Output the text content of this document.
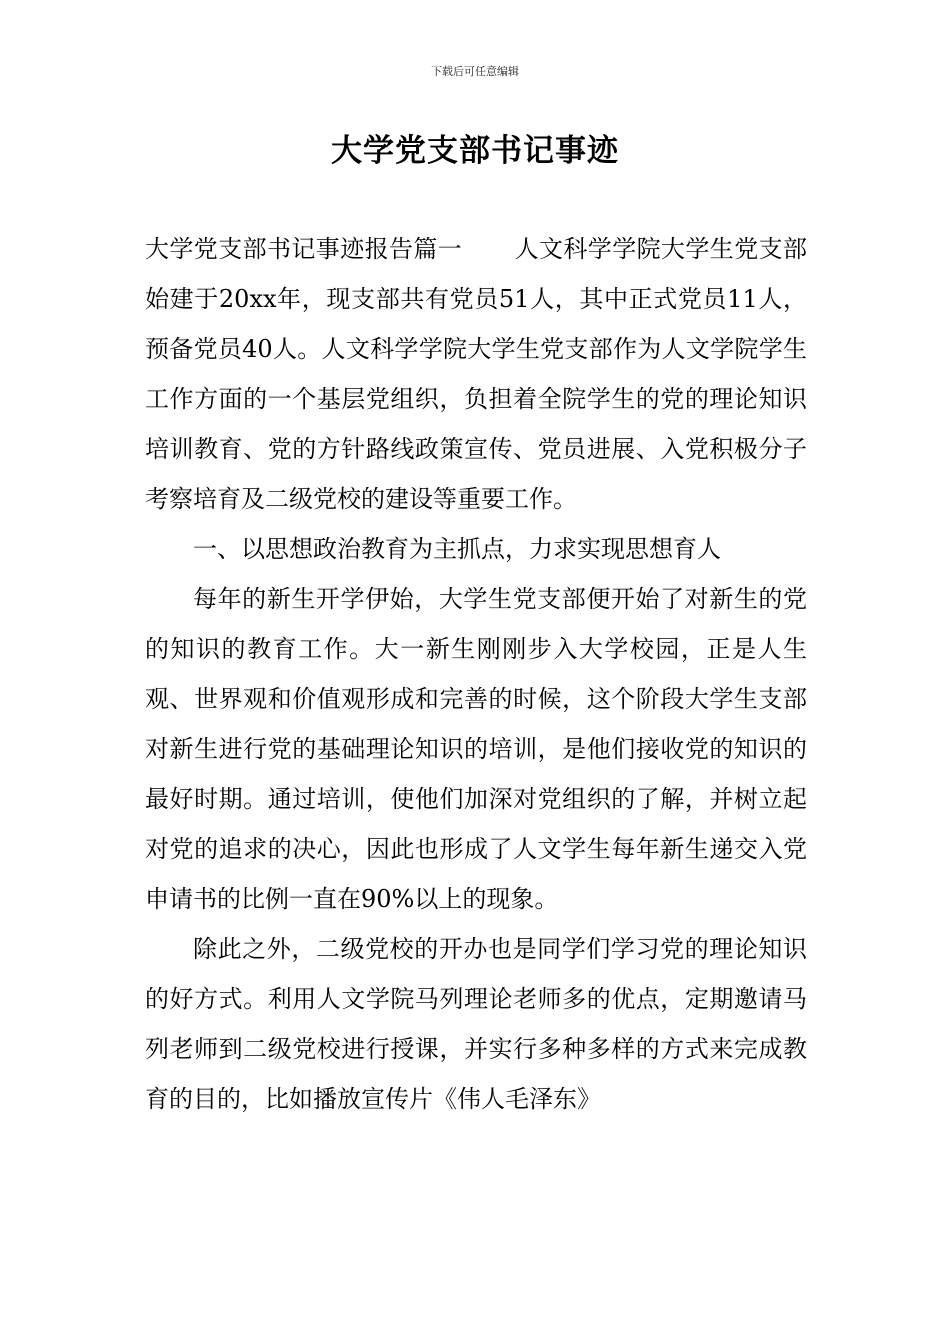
下载后可任意编辑
大学党支部书记事迹

大学党支部书记事迹报告篇一 人文科学学院大学生党支部始建于20xx年，现支部共有党员51人，其中正式党员11人，预备党员40人。人文科学学院大学生党支部作为人文学院学生工作方面的一个基层党组织，负担着全院学生的党的理论知识培训教育、党的方针路线政策宣传、党员进展、入党积极分子考察培育及二级党校的建设等重要工作。

一、以思想政治教育为主抓点，力求实现思想育人

每年的新生开学伊始，大学生党支部便开始了对新生的党的知识的教育工作。大一新生刚刚步入大学校园，正是人生观、世界观和价值观形成和完善的时候，这个阶段大学生支部对新生进行党的基础理论知识的培训，是他们接收党的知识的最好时期。通过培训，使他们加深对党组织的了解，并树立起对党的追求的决心，因此也形成了人文学生每年新生递交入党申请书的比例一直在90%以上的现象。

除此之外，二级党校的开办也是同学们学习党的理论知识的好方式。利用人文学院马列理论老师多的优点，定期邀请马列老师到二级党校进行授课，并实行多种多样的方式来完成教育的目的，比如播放宣传片《伟人毛泽东》
